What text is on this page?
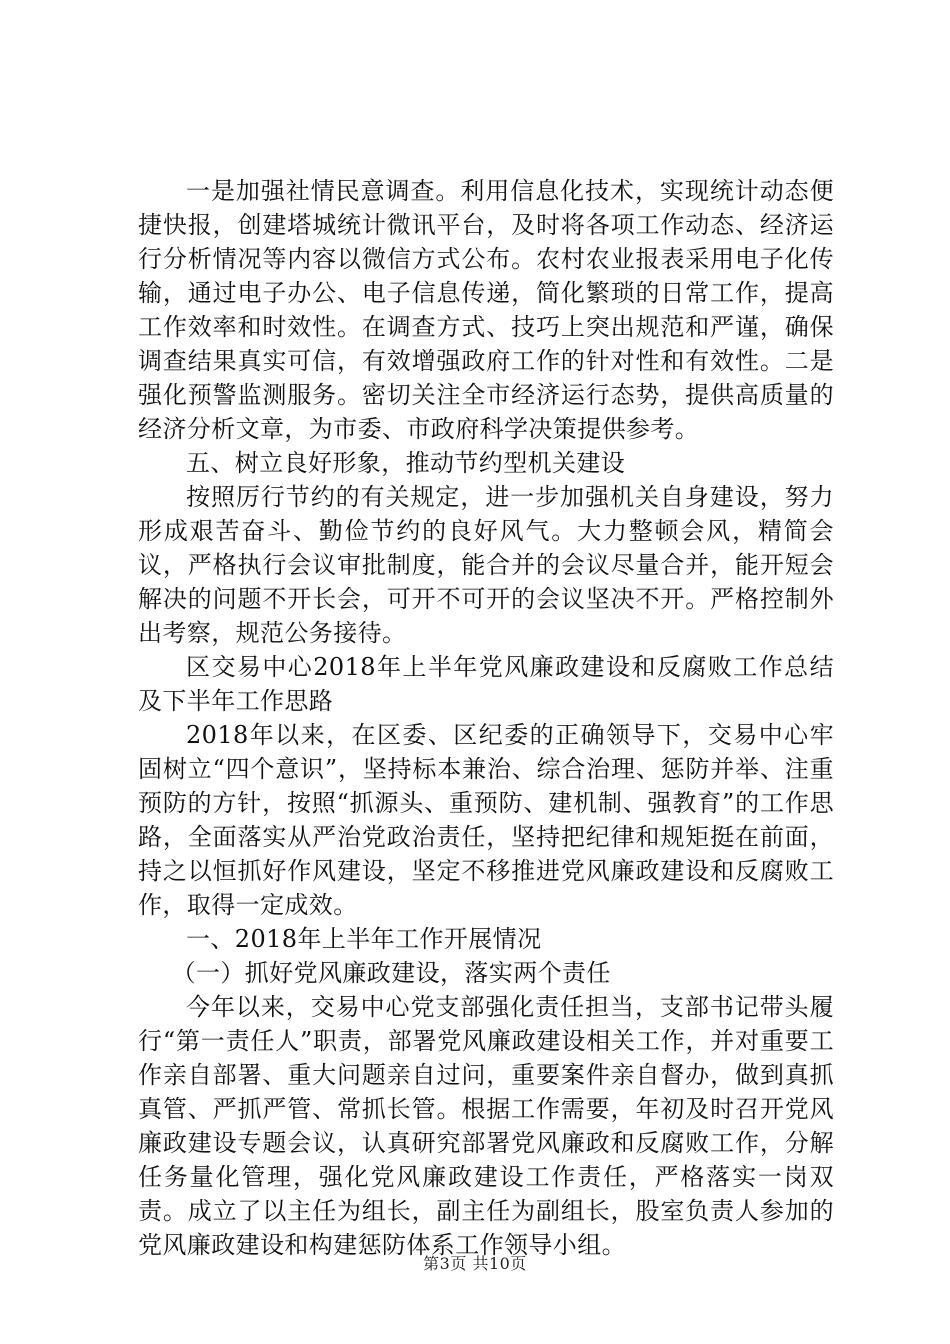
一是加强社情民意调查。利用信息化技术，实现统计动态便捷快报，创建塔城统计微讯平台，及时将各项工作动态、经济运行分析情况等内容以微信方式公布。农村农业报表采用电子化传输，通过电子办公、电子信息传递，简化繁琐的日常工作，提高工作效率和时效性。在调查方式、技巧上突出规范和严谨，确保调查结果真实可信，有效增强政府工作的针对性和有效性。二是强化预警监测服务。密切关注全市经济运行态势，提供高质量的经济分析文章，为市委、市政府科学决策提供参考。

五、树立良好形象，推动节约型机关建设

按照厉行节约的有关规定，进一步加强机关自身建设，努力形成艰苦奋斗、勤俭节约的良好风气。大力整顿会风，精简会议，严格执行会议审批制度，能合并的会议尽量合并，能开短会解决的问题不开长会，可开不可开的会议坚决不开。严格控制外出考察，规范公务接待。

区交易中心2018年上半年党风廉政建设和反腐败工作总结及下半年工作思路

2018年以来，在区委、区纪委的正确领导下，交易中心牢固树立“四个意识”，坚持标本兼治、综合治理、惩防并举、注重预防的方针，按照“抓源头、重预防、建机制、强教育”的工作思路，全面落实从严治党政治责任，坚持把纪律和规矩挺在前面，持之以恒抓好作风建设，坚定不移推进党风廉政建设和反腐败工作，取得一定成效。

一、2018年上半年工作开展情况

（一）抓好党风廉政建设，落实两个责任

今年以来，交易中心党支部强化责任担当，支部书记带头履行“第一责任人”职责，部署党风廉政建设相关工作，并对重要工作亲自部署、重大问题亲自过问，重要案件亲自督办，做到真抓真管、严抓严管、常抓长管。根据工作需要，年初及时召开党风廉政建设专题会议，认真研究部署党风廉政和反腐败工作，分解任务量化管理，强化党风廉政建设工作责任，严格落实一岗双责。成立了以主任为组长，副主任为副组长，股室负责人参加的党风廉政建设和构建惩防体系工作领导小组。

第3页 共10页
